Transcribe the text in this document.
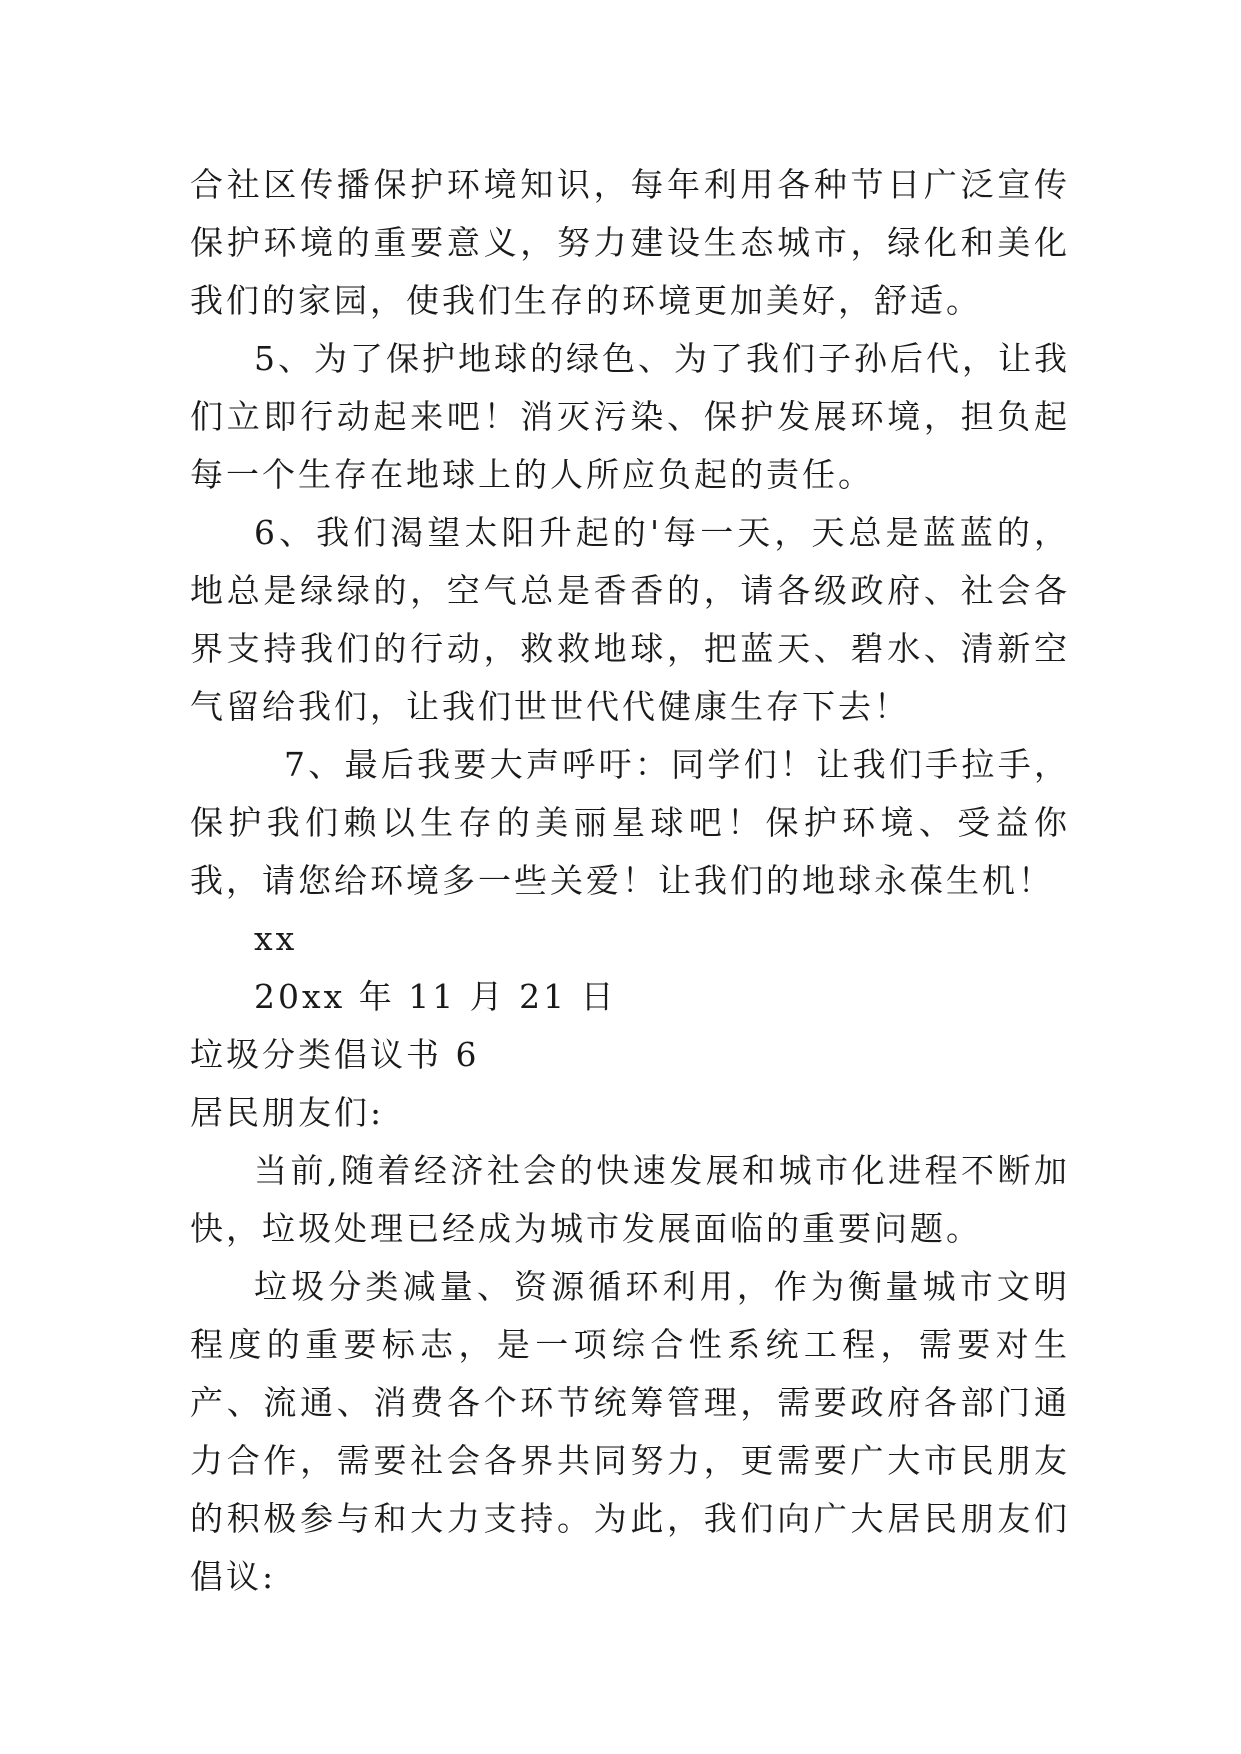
合社区传播保护环境知识，每年利用各种节日广泛宣传保护环境的重要意义，努力建设生态城市，绿化和美化我们的家园，使我们生存的环境更加美好，舒适。

5、为了保护地球的绿色、为了我们子孙后代，让我们立即行动起来吧！消灭污染、保护发展环境，担负起每一个生存在地球上的人所应负起的责任。

6、我们渴望太阳升起的'每一天，天总是蓝蓝的，地总是绿绿的，空气总是香香的，请各级政府、社会各界支持我们的行动，救救地球，把蓝天、碧水、清新空气留给我们，让我们世世代代健康生存下去！

7、最后我要大声呼吁：同学们！让我们手拉手，保护我们赖以生存的美丽星球吧！保护环境、受益你我，请您给环境多一些关爱！让我们的地球永葆生机！

xx

20xx 年 11 月 21 日

垃圾分类倡议书 6

居民朋友们:

当前,随着经济社会的快速发展和城市化进程不断加快，垃圾处理已经成为城市发展面临的重要问题。

垃圾分类减量、资源循环利用，作为衡量城市文明程度的重要标志，是一项综合性系统工程，需要对生产、流通、消费各个环节统筹管理，需要政府各部门通力合作，需要社会各界共同努力，更需要广大市民朋友的积极参与和大力支持。为此，我们向广大居民朋友们倡议:
